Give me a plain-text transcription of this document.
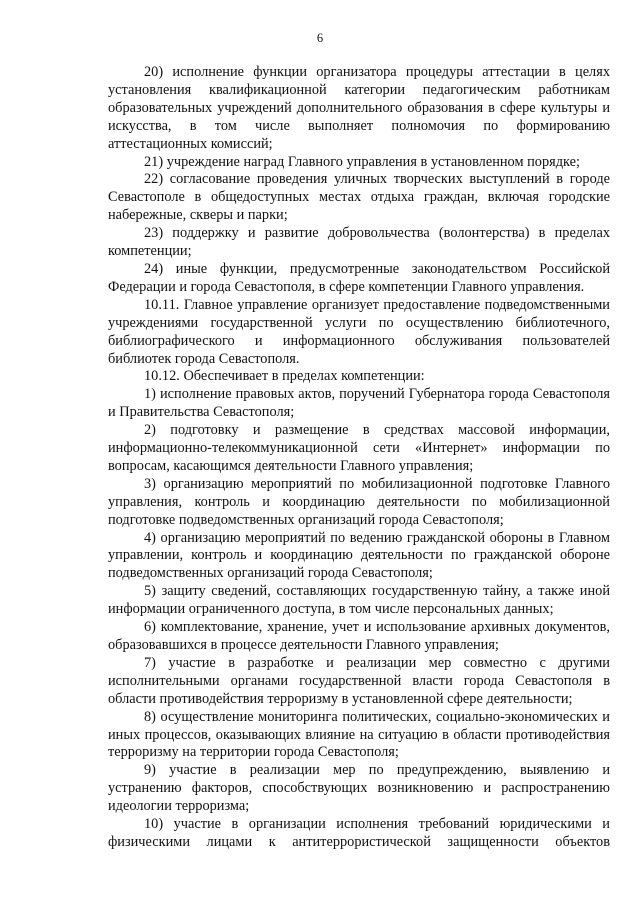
6

20) исполнение функции организатора процедуры аттестации в целях установления квалификационной категории педагогическим работникам образовательных учреждений дополнительного образования в сфере культуры и искусства, в том числе выполняет полномочия по формированию аттестационных комиссий;

21) учреждение наград Главного управления в установленном порядке;

22) согласование проведения уличных творческих выступлений в городе Севастополе в общедоступных местах отдыха граждан, включая городские набережные, скверы и парки;

23) поддержку и развитие добровольчества (волонтерства) в пределах компетенции;

24) иные функции, предусмотренные законодательством Российской Федерации и города Севастополя, в сфере компетенции Главного управления.

10.11. Главное управление организует предоставление подведомственными учреждениями государственной услуги по осуществлению библиотечного, библиографического и информационного обслуживания пользователей библиотек города Севастополя.

10.12. Обеспечивает в пределах компетенции:

1) исполнение правовых актов, поручений Губернатора города Севастополя и Правительства Севастополя;

2) подготовку и размещение в средствах массовой информации, информационно-телекоммуникационной сети «Интернет» информации по вопросам, касающимся деятельности Главного управления;

3) организацию мероприятий по мобилизационной подготовке Главного управления, контроль и координацию деятельности по мобилизационной подготовке подведомственных организаций города Севастополя;

4) организацию мероприятий по ведению гражданской обороны в Главном управлении, контроль и координацию деятельности по гражданской обороне подведомственных организаций города Севастополя;

5) защиту сведений, составляющих государственную тайну, а также иной информации ограниченного доступа, в том числе персональных данных;

6) комплектование, хранение, учет и использование архивных документов, образовавшихся в процессе деятельности Главного управления;

7) участие в разработке и реализации мер совместно с другими исполнительными органами государственной власти города Севастополя в области противодействия терроризму в установленной сфере деятельности;

8) осуществление мониторинга политических, социально-экономических и иных процессов, оказывающих влияние на ситуацию в области противодействия терроризму на территории города Севастополя;

9) участие в реализации мер по предупреждению, выявлению и устранению факторов, способствующих возникновению и распространению идеологии терроризма;

10) участие в организации исполнения требований юридическими и физическими лицами к антитеррористической защищенности объектов
